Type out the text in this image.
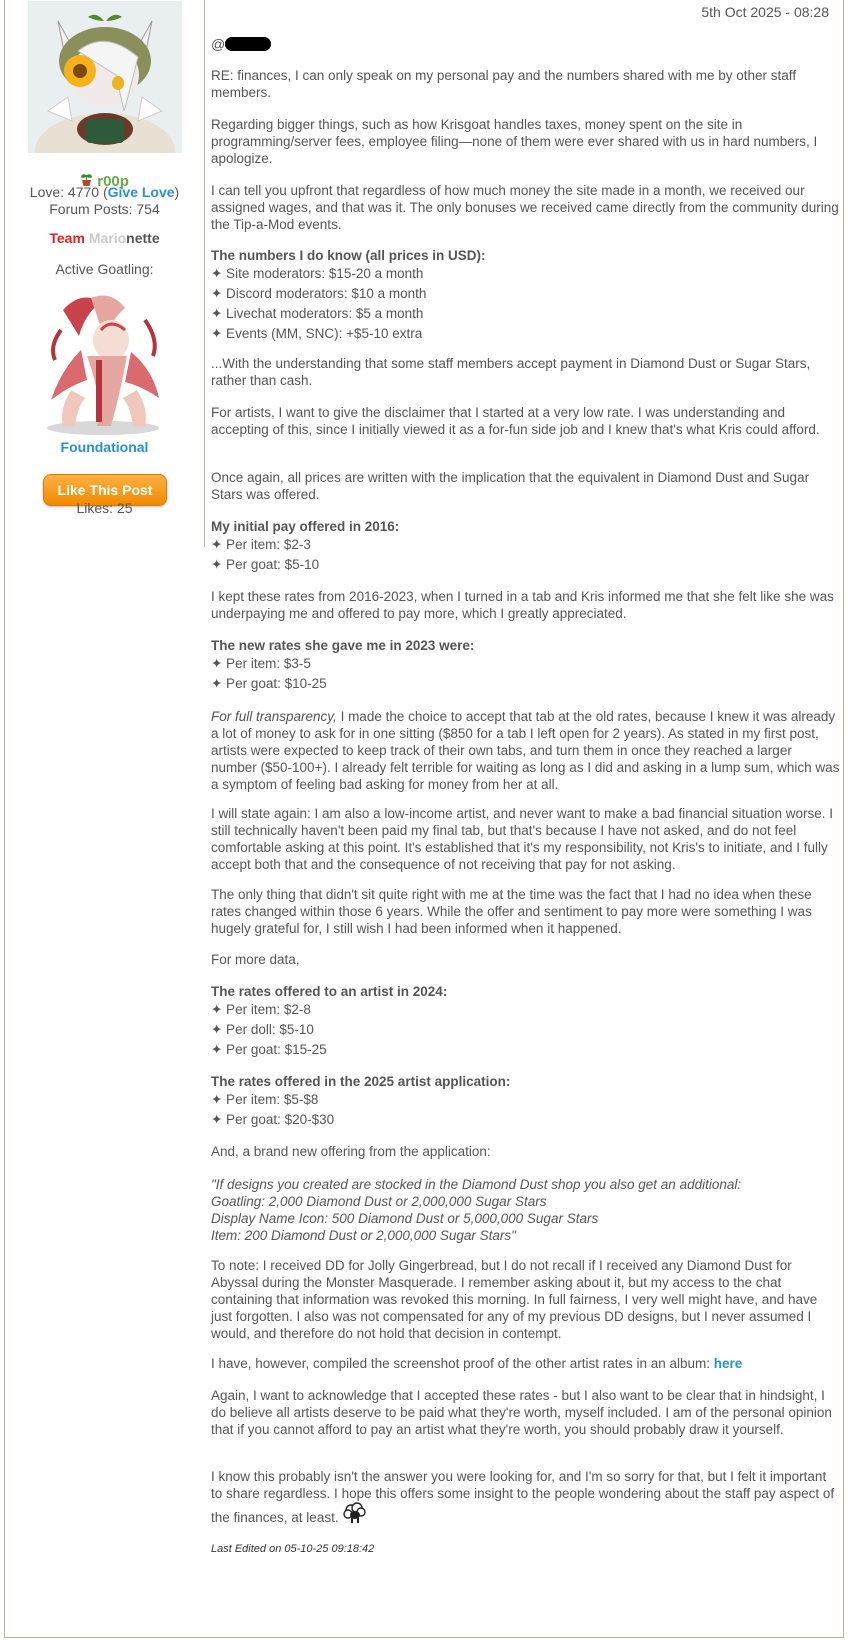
r00p
Love: 4770 (Give Love)
Forum Posts: 754
Team Marionette
Active Goatling:
Foundational
Like This Post
Likes: 25
5th Oct 2025 - 08:28
@

RE: finances, I can only speak on my personal pay and the numbers shared with me by other staff members.

Regarding bigger things, such as how Krisgoat handles taxes, money spent on the site in programming/server fees, employee filing—none of them were ever shared with us in hard numbers, I apologize.

I can tell you upfront that regardless of how much money the site made in a month, we received our assigned wages, and that was it. The only bonuses we received came directly from the community during the Tip-a-Mod events.

The numbers I do know (all prices in USD):

✦ Site moderators: $15-20 a month

✦ Discord moderators: $10 a month

✦ Livechat moderators: $5 a month

✦ Events (MM, SNC): +$5-10 extra

...With the understanding that some staff members accept payment in Diamond Dust or Sugar Stars, rather than cash.

For artists, I want to give the disclaimer that I started at a very low rate. I was understanding and accepting of this, since I initially viewed it as a for-fun side job and I knew that's what Kris could afford.

Once again, all prices are written with the implication that the equivalent in Diamond Dust and Sugar Stars was offered.

My initial pay offered in 2016:

✦ Per item: $2-3

✦ Per goat: $5-10

I kept these rates from 2016-2023, when I turned in a tab and Kris informed me that she felt like she was underpaying me and offered to pay more, which I greatly appreciated.

The new rates she gave me in 2023 were:

✦ Per item: $3-5

✦ Per goat: $10-25

For full transparency, I made the choice to accept that tab at the old rates, because I knew it was already a lot of money to ask for in one sitting ($850 for a tab I left open for 2 years). As stated in my first post, artists were expected to keep track of their own tabs, and turn them in once they reached a larger number ($50-100+). I already felt terrible for waiting as long as I did and asking in a lump sum, which was a symptom of feeling bad asking for money from her at all.

I will state again: I am also a low-income artist, and never want to make a bad financial situation worse. I still technically haven't been paid my final tab, but that's because I have not asked, and do not feel comfortable asking at this point. It's established that it's my responsibility, not Kris's to initiate, and I fully accept both that and the consequence of not receiving that pay for not asking.

The only thing that didn't sit quite right with me at the time was the fact that I had no idea when these rates changed within those 6 years. While the offer and sentiment to pay more were something I was hugely grateful for, I still wish I had been informed when it happened.

For more data,

The rates offered to an artist in 2024:

✦ Per item: $2-8

✦ Per doll: $5-10

✦ Per goat: $15-25

The rates offered in the 2025 artist application:

✦ Per item: $5-$8

✦ Per goat: $20-$30

And, a brand new offering from the application:

"If designs you created are stocked in the Diamond Dust shop you also get an additional:

Goatling: 2,000 Diamond Dust or 2,000,000 Sugar Stars

Display Name Icon: 500 Diamond Dust or 5,000,000 Sugar Stars

Item: 200 Diamond Dust or 2,000,000 Sugar Stars"

To note: I received DD for Jolly Gingerbread, but I do not recall if I received any Diamond Dust for Abyssal during the Monster Masquerade. I remember asking about it, but my access to the chat containing that information was revoked this morning. In full fairness, I very well might have, and have just forgotten. I also was not compensated for any of my previous DD designs, but I never assumed I would, and therefore do not hold that decision in contempt.

I have, however, compiled the screenshot proof of the other artist rates in an album: here

Again, I want to acknowledge that I accepted these rates - but I also want to be clear that in hindsight, I do believe all artists deserve to be paid what they're worth, myself included. I am of the personal opinion that if you cannot afford to pay an artist what they're worth, you should probably draw it yourself.

I know this probably isn't the answer you were looking for, and I'm so sorry for that, but I felt it important to share regardless. I hope this offers some insight to the people wondering about the staff pay aspect of the finances, at least.

Last Edited on 05-10-25 09:18:42
